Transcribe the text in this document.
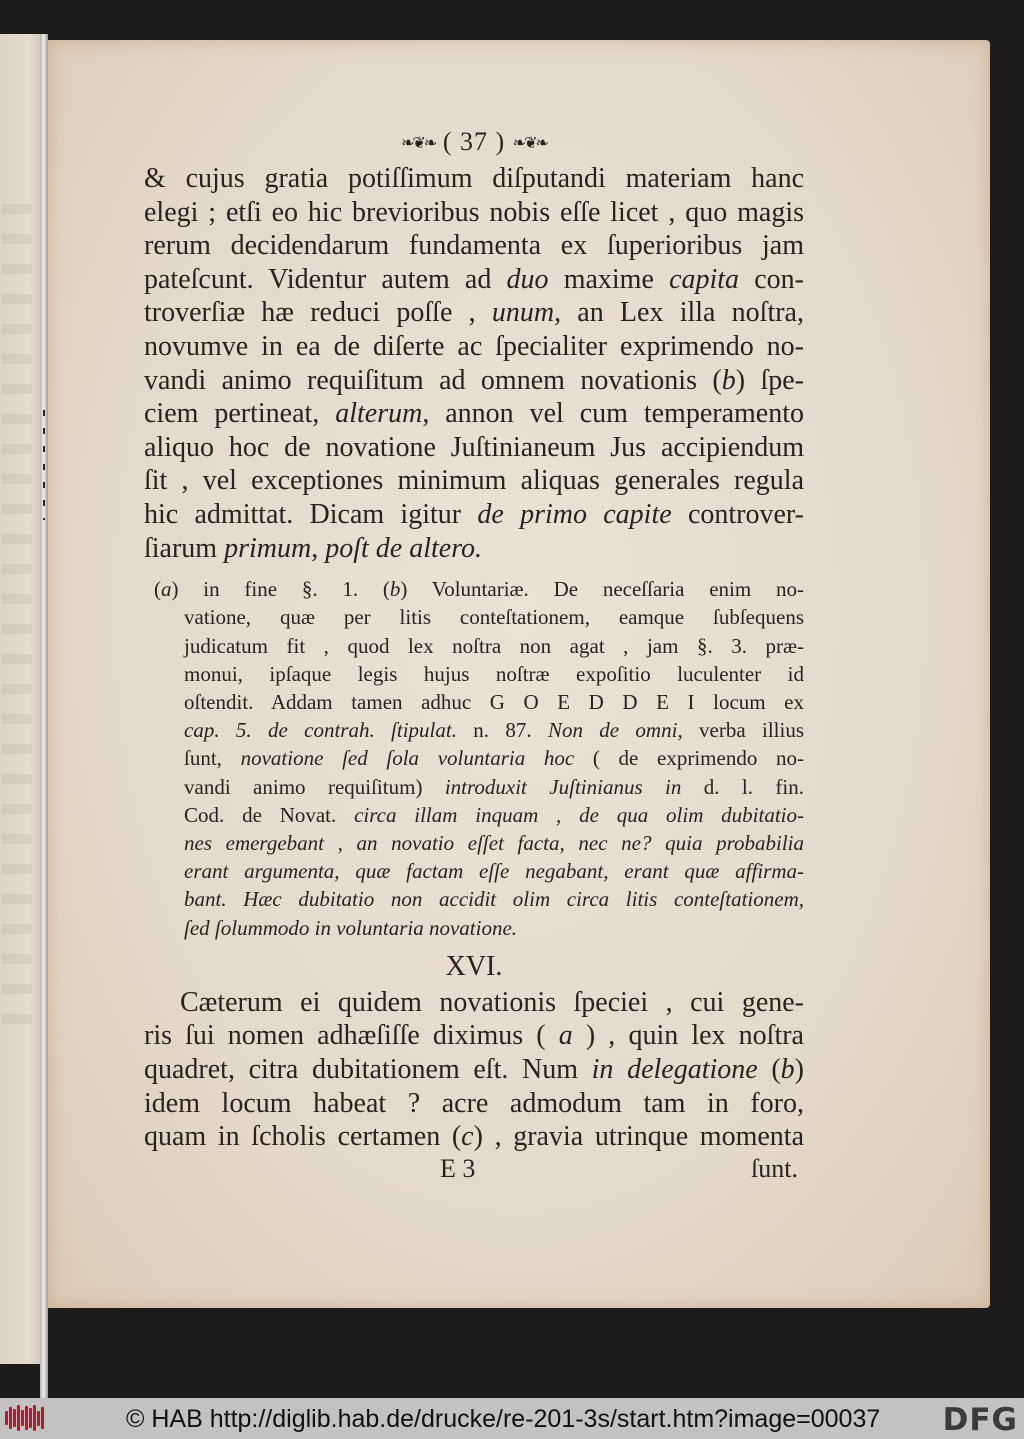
❧❦❧ ( 37 ) ❧❦❧
& cujus gratia potiſſimum diſputandi materiam hanc
elegi ; etſi eo hic brevioribus nobis eſſe licet , quo magis
rerum decidendarum fundamenta ex ſuperioribus jam
pateſcunt. Videntur autem ad duo maxime capita con-
troverſiæ hæ reduci poſſe , unum, an Lex illa noſtra,
novumve in ea de diſerte ac ſpecialiter exprimendo no-
vandi animo requiſitum ad omnem novationis (b) ſpe-
ciem pertineat, alterum, annon vel cum temperamento
aliquo hoc de novatione Juſtinianeum Jus accipiendum
ſit , vel exceptiones minimum aliquas generales regula
hic admittat. Dicam igitur de primo capite controver-
ſiarum primum, poſt de altero.
(a) in fine §. 1. (b) Voluntariæ. De neceſſaria enim no-
vatione, quæ per litis conteſtationem, eamque ſubſequens
judicatum fit , quod lex noſtra non agat , jam §. 3. præ-
monui, ipſaque legis hujus noſtræ expoſitio luculenter id
oſtendit. Addam tamen adhuc G O E D D E I locum ex
cap. 5. de contrah. ſtipulat. n. 87. Non de omni, verba illius
ſunt, novatione ſed ſola voluntaria hoc ( de exprimendo no-
vandi animo requiſitum) introduxit Juſtinianus in d. l. fin.
Cod. de Novat. circa illam inquam , de qua olim dubitatio-
nes emergebant , an novatio eſſet facta, nec ne? quia probabilia
erant argumenta, quæ factam eſſe negabant, erant quæ affirma-
bant. Hæc dubitatio non accidit olim circa litis conteſtationem,
ſed ſolummodo in voluntaria novatione.
XVI.
Cæterum ei quidem novationis ſpeciei , cui gene-
ris ſui nomen adhæſiſſe diximus ( a ) , quin lex noſtra
quadret, citra dubitationem eſt. Num in delegatione (b)
idem locum habeat ? acre admodum tam in foro,
quam in ſcholis certamen (c) , gravia utrinque momenta
E 3	ſunt.
© HAB http://diglib.hab.de/drucke/re-201-3s/start.htm?image=00037 DFG
